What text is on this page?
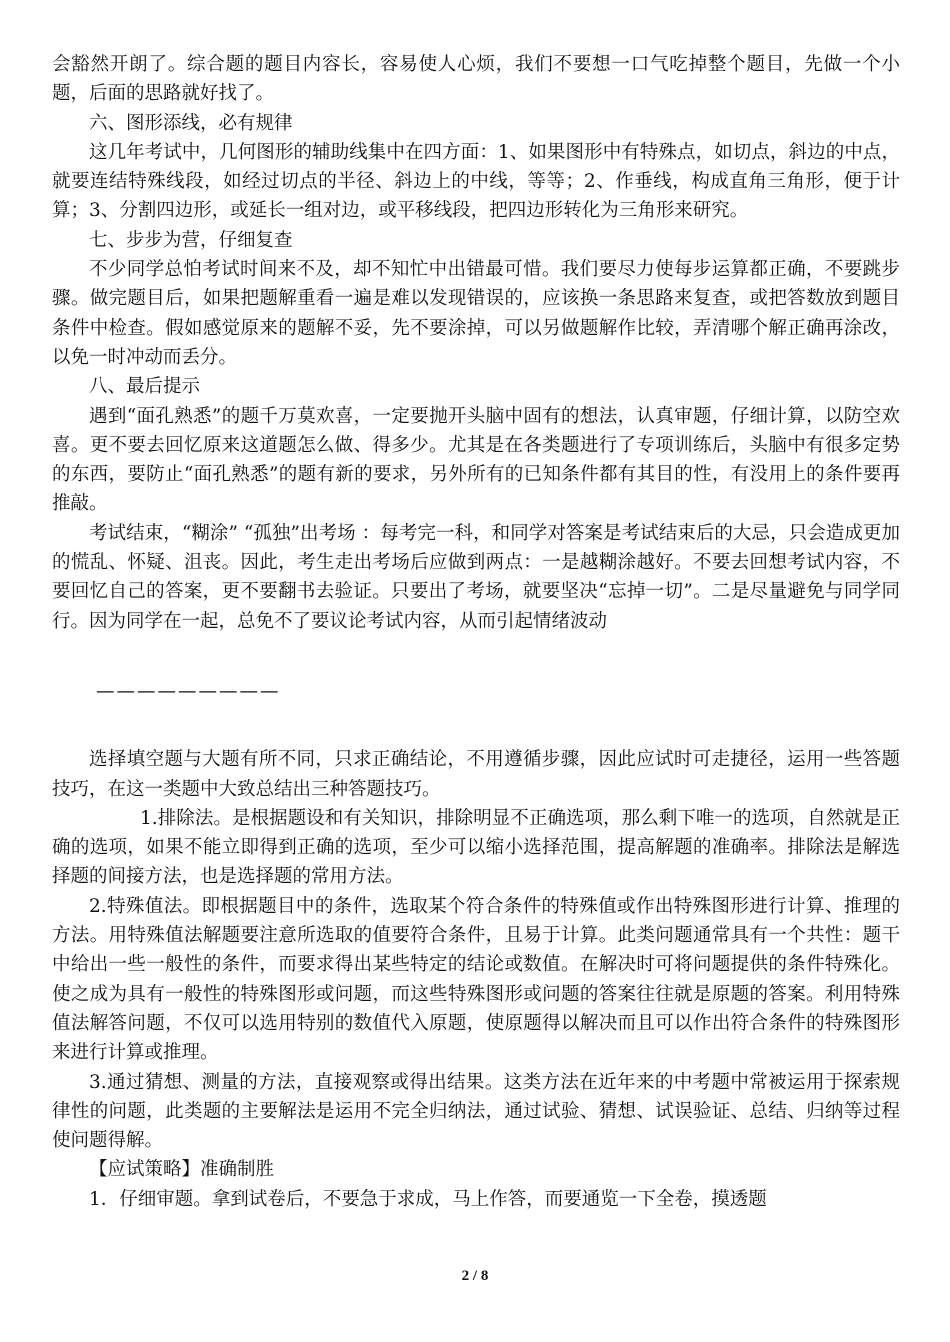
会豁然开朗了。综合题的题目内容长，容易使人心烦，我们不要想一口气吃掉整个题目，先做一个小题，后面的思路就好找了。

六、图形添线，必有规律

这几年考试中，几何图形的辅助线集中在四方面：1、如果图形中有特殊点，如切点，斜边的中点，就要连结特殊线段，如经过切点的半径、斜边上的中线，等等；2、作垂线，构成直角三角形，便于计算；3、分割四边形，或延长一组对边，或平移线段，把四边形转化为三角形来研究。

七、步步为营，仔细复查

不少同学总怕考试时间来不及，却不知忙中出错最可惜。我们要尽力使每步运算都正确，不要跳步骤。做完题目后，如果把题解重看一遍是难以发现错误的，应该换一条思路来复查，或把答数放到题目条件中检查。假如感觉原来的题解不妥，先不要涂掉，可以另做题解作比较，弄清哪个解正确再涂改，以免一时冲动而丢分。

八、最后提示

遇到“面孔熟悉”的题千万莫欢喜，一定要抛开头脑中固有的想法，认真审题，仔细计算，以防空欢喜。更不要去回忆原来这道题怎么做、得多少。尤其是在各类题进行了专项训练后，头脑中有很多定势的东西，要防止“面孔熟悉”的题有新的要求，另外所有的已知条件都有其目的性，有没用上的条件要再推敲。

考试结束，“糊涂” “孤独”出考场 ：每考完一科，和同学对答案是考试结束后的大忌，只会造成更加的慌乱、怀疑、沮丧。因此，考生走出考场后应做到两点：一是越糊涂越好。不要去回想考试内容，不要回忆自己的答案，更不要翻书去验证。只要出了考场，就要坚决“忘掉一切”。二是尽量避免与同学同行。因为同学在一起，总免不了要议论考试内容，从而引起情绪波动

—————————

选择填空题与大题有所不同，只求正确结论，不用遵循步骤，因此应试时可走捷径，运用一些答题技巧，在这一类题中大致总结出三种答题技巧。

1.排除法。是根据题设和有关知识，排除明显不正确选项，那么剩下唯一的选项，自然就是正确的选项，如果不能立即得到正确的选项，至少可以缩小选择范围，提高解题的准确率。排除法是解选择题的间接方法，也是选择题的常用方法。

2.特殊值法。即根据题目中的条件，选取某个符合条件的特殊值或作出特殊图形进行计算、推理的方法。用特殊值法解题要注意所选取的值要符合条件，且易于计算。此类问题通常具有一个共性：题干中给出一些一般性的条件，而要求得出某些特定的结论或数值。在解决时可将问题提供的条件特殊化。使之成为具有一般性的特殊图形或问题，而这些特殊图形或问题的答案往往就是原题的答案。利用特殊值法解答问题，不仅可以选用特别的数值代入原题，使原题得以解决而且可以作出符合条件的特殊图形来进行计算或推理。

3.通过猜想、测量的方法，直接观察或得出结果。这类方法在近年来的中考题中常被运用于探索规律性的问题，此类题的主要解法是运用不完全归纳法，通过试验、猜想、试误验证、总结、归纳等过程使问题得解。

【应试策略】准确制胜

1．仔细审题。拿到试卷后，不要急于求成，马上作答，而要通览一下全卷，摸透题

2 / 8
